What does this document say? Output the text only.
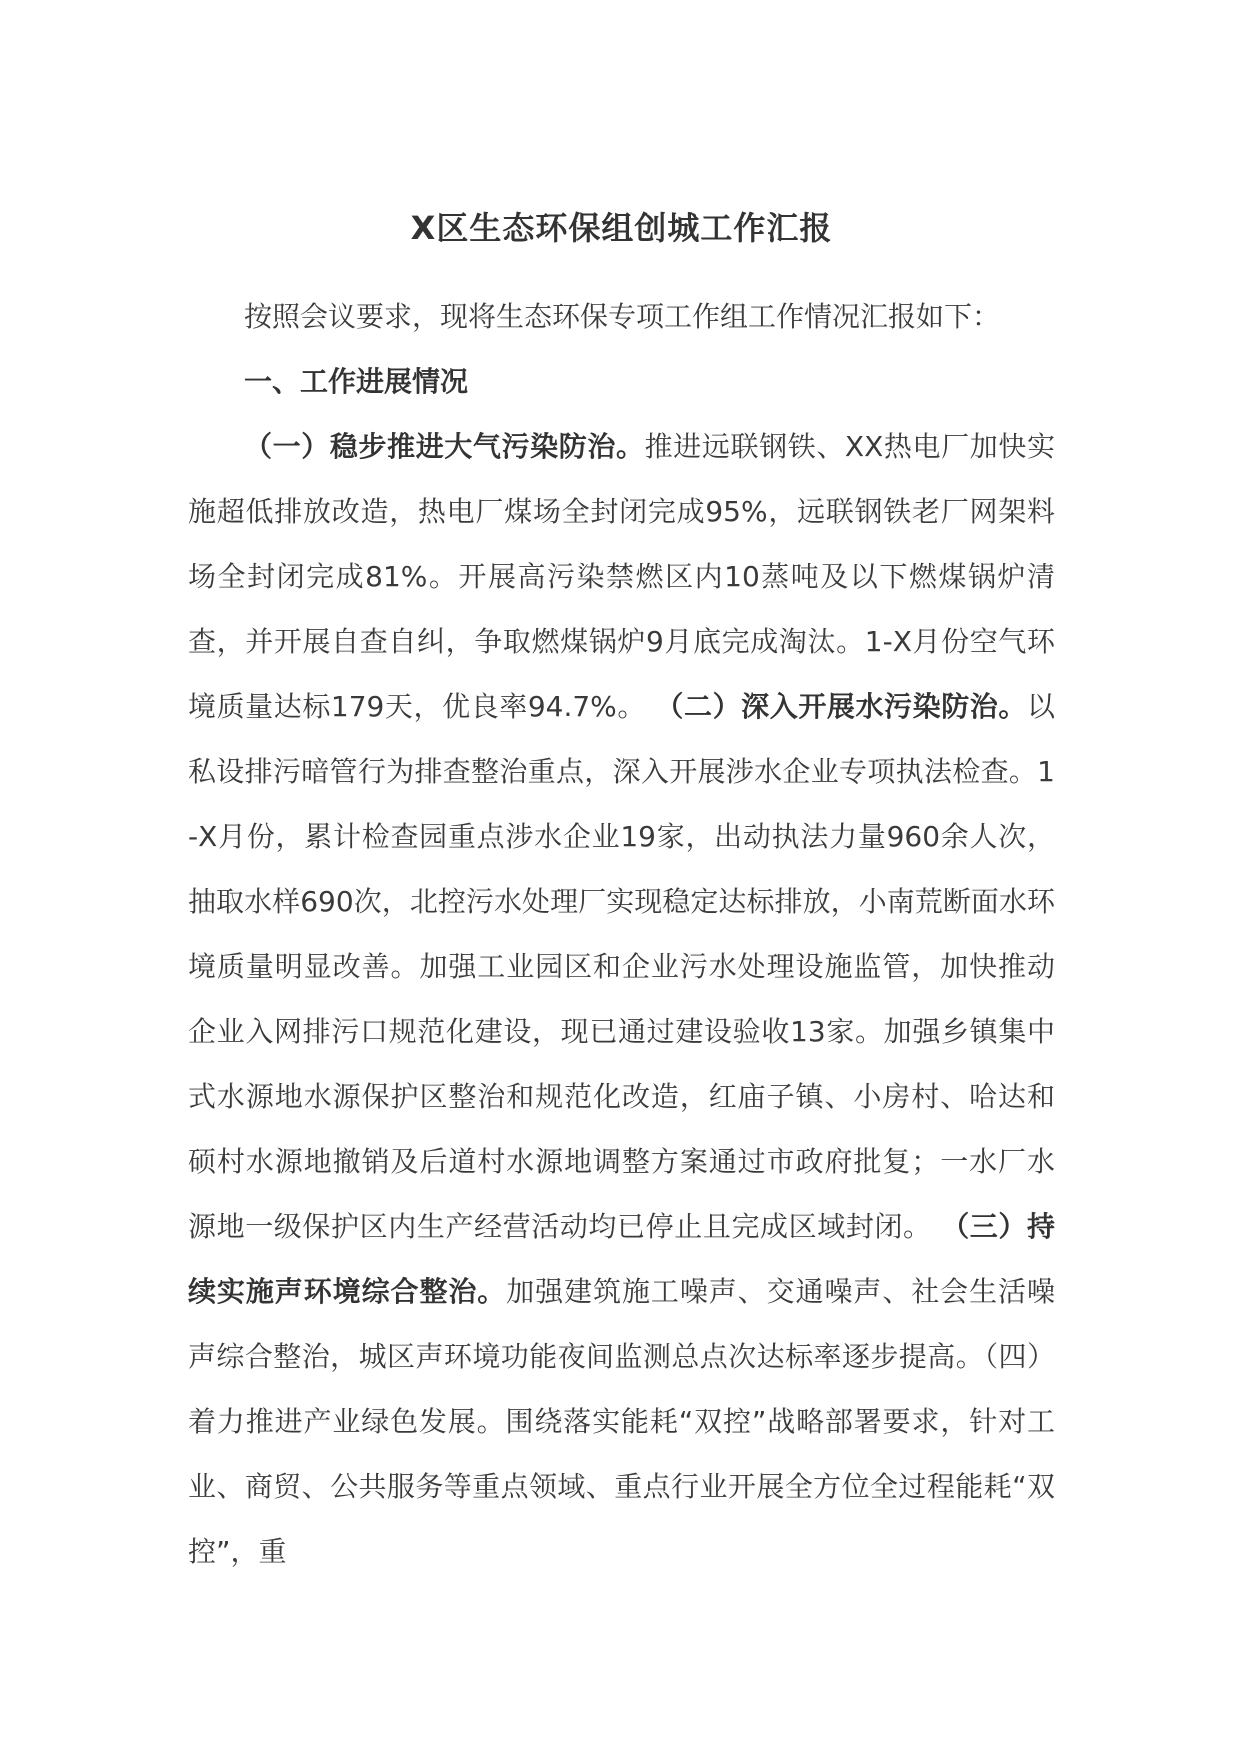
X区生态环保组创城工作汇报

按照会议要求，现将生态环保专项工作组工作情况汇报如下：

一、工作进展情况

（一）稳步推进大气污染防治。推进远联钢铁、XX热电厂加快实施超低排放改造，热电厂煤场全封闭完成95%，远联钢铁老厂网架料场全封闭完成81%。开展高污染禁燃区内10蒸吨及以下燃煤锅炉清查，并开展自查自纠，争取燃煤锅炉9月底完成淘汰。1-X月份空气环境质量达标179天，优良率94.7%。 （二）深入开展水污染防治。以私设排污暗管行为排查整治重点，深入开展涉水企业专项执法检查。1-X月份，累计检查园重点涉水企业19家，出动执法力量960余人次，抽取水样690次，北控污水处理厂实现稳定达标排放，小南荒断面水环境质量明显改善。加强工业园区和企业污水处理设施监管，加快推动企业入网排污口规范化建设，现已通过建设验收13家。加强乡镇集中式水源地水源保护区整治和规范化改造，红庙子镇、小房村、哈达和硕村水源地撤销及后道村水源地调整方案通过市政府批复；一水厂水源地一级保护区内生产经营活动均已停止且完成区域封闭。 （三）持续实施声环境综合整治。加强建筑施工噪声、交通噪声、社会生活噪声综合整治，城区声环境功能夜间监测总点次达标率逐步提高。（四）着力推进产业绿色发展。围绕落实能耗“双控”战略部署要求，针对工业、商贸、公共服务等重点领域、重点行业开展全方位全过程能耗“双控”，重
